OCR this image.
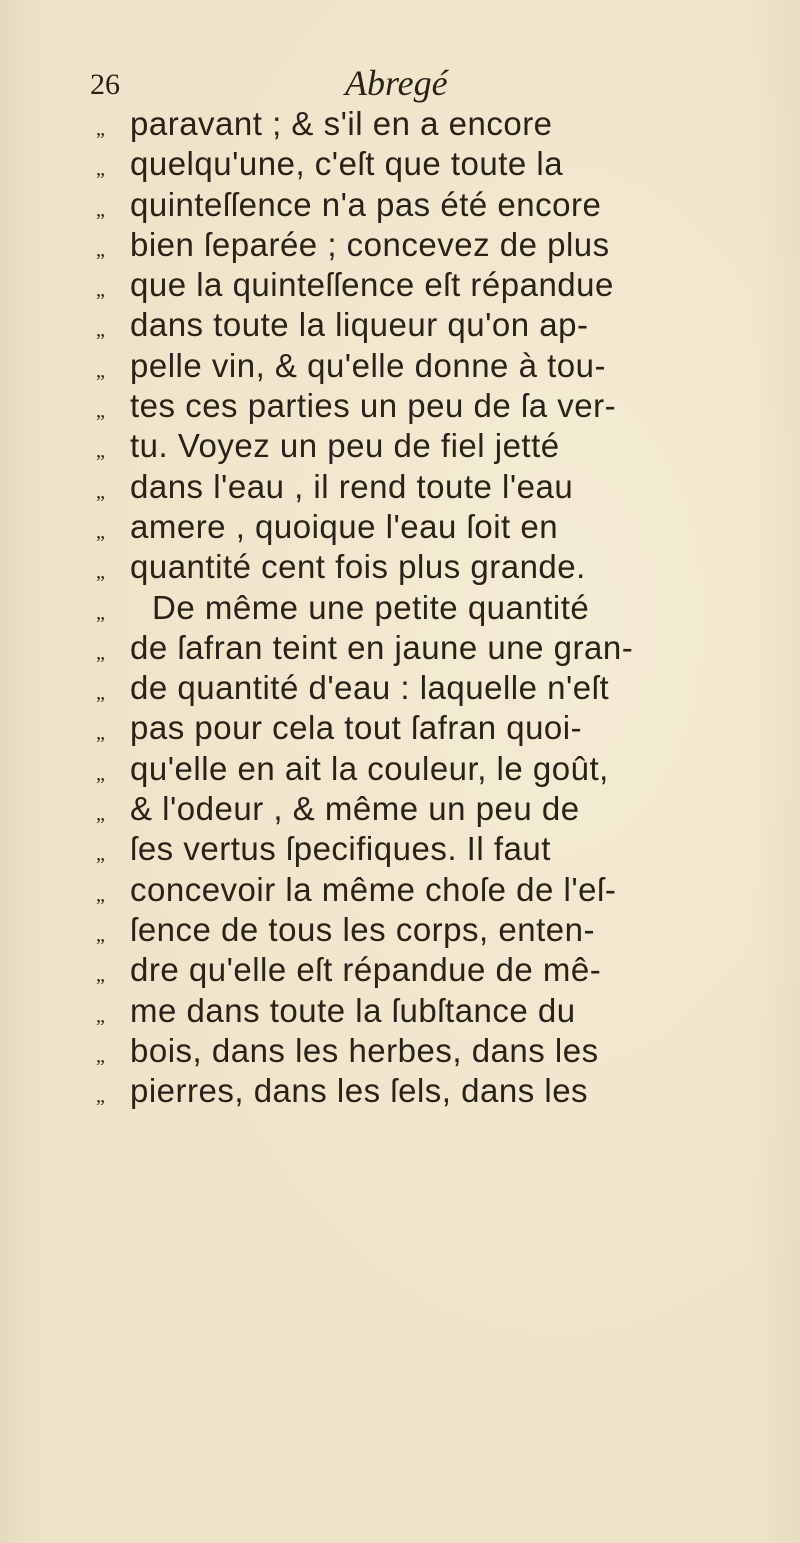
26	Abregé
„ paravant ; & s'il en a encore
„ quelqu'une, c'eſt que toute la
„ quinteſſence n'a pas été encore
„ bien ſeparée ; concevez de plus
„ que la quinteſſence eſt répandue
„ dans toute la liqueur qu'on ap-
„ pelle vin, & qu'elle donne à tou-
„ tes ces parties un peu de ſa ver-
„ tu. Voyez un peu de fiel jetté
„ dans l'eau , il rend toute l'eau
„ amere , quoique l'eau ſoit en
„ quantité cent fois plus grande.
„	De même une petite quantité
„ de ſafran teint en jaune une gran-
„ de quantité d'eau : laquelle n'eſt
„ pas pour cela tout ſafran quoi-
„ qu'elle en ait la couleur, le goût,
„ & l'odeur , & même un peu de
„ ſes vertus ſpecifiques. Il faut
„ concevoir la même choſe de l'eſ-
„ ſence de tous les corps, enten-
„ dre qu'elle eſt répandue de mê-
„ me dans toute la ſubſtance du
„ bois, dans les herbes, dans les
„ pierres, dans les ſels, dans les
